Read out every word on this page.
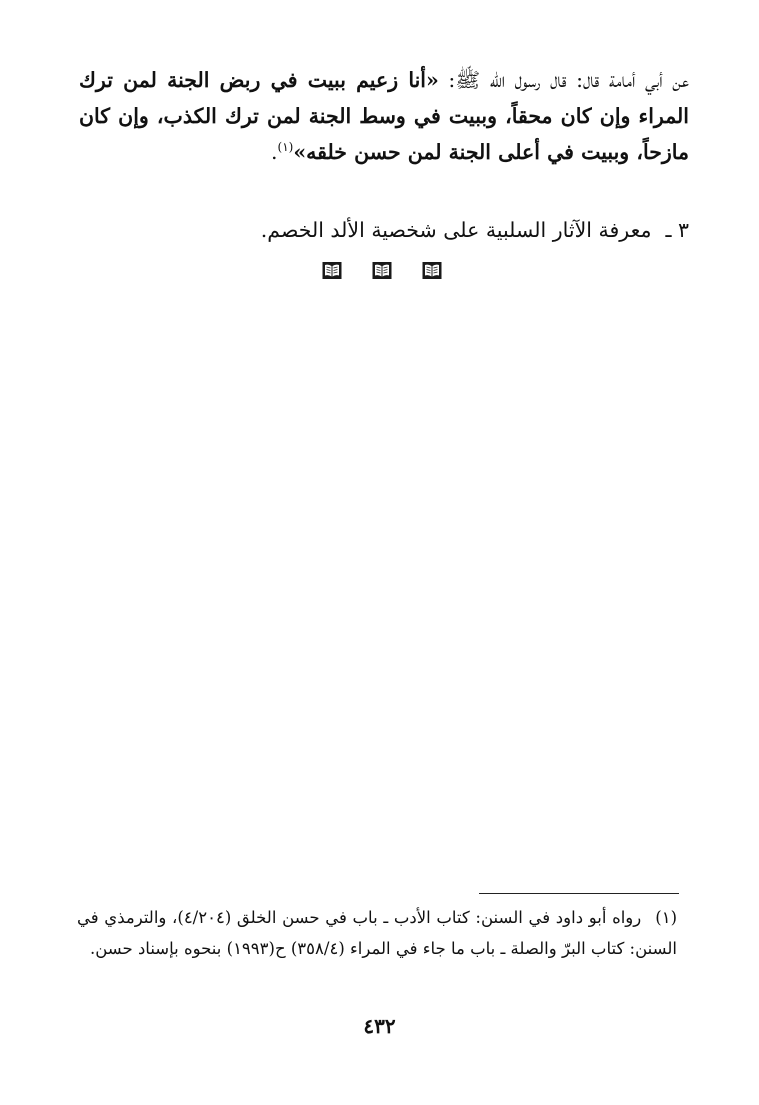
عن أبي أمامة قال: قال رسول الله ﷺ: «أنا زعيم ببيت في ربض الجنة لمن ترك المراء وإن كان محقاً، وببيت في وسط الجنة لمن ترك الكذب، وإن كان مازحاً، وببيت في أعلى الجنة لمن حسن خلقه»$^{(١)}$.

٣ ـمعرفة الآثار السلبية على شخصية الألد الخصم.

(١)رواه أبو داود في السنن: كتاب الأدب ـ باب في حسن الخلق (٤/٢٠٤)، والترمذي في السنن: كتاب البرّ والصلة ـ باب ما جاء في المراء (٣٥٨/٤) ح(١٩٩٣) بنحوه بإسناد حسن.

٤٣٢
